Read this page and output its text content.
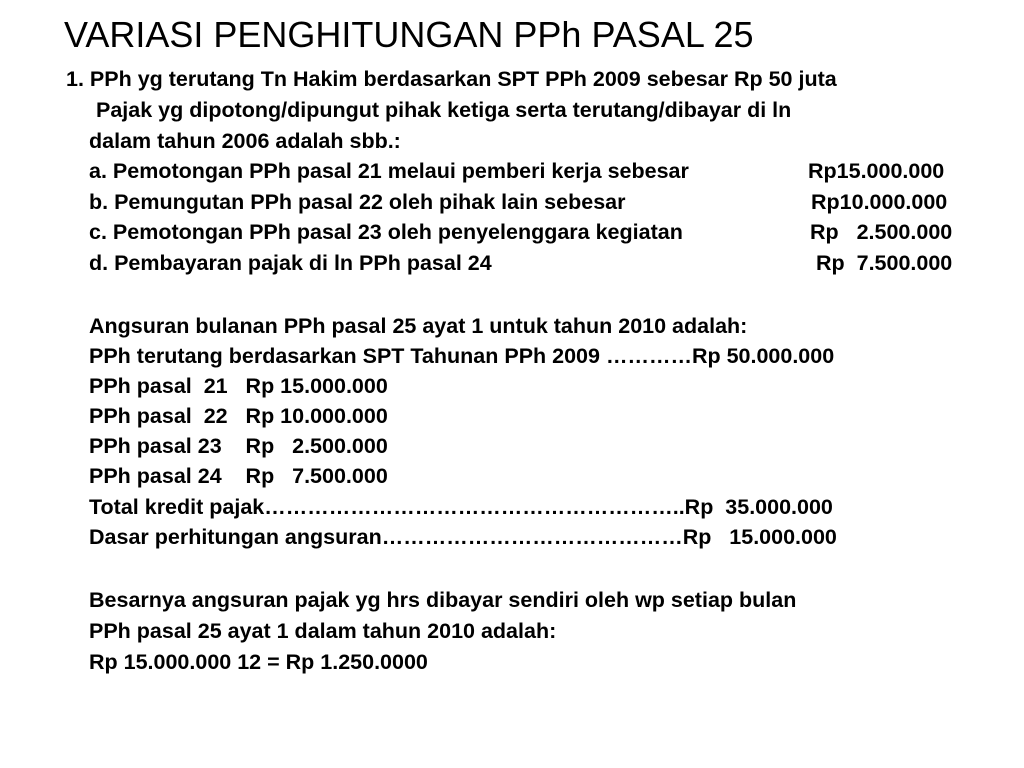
VARIASI PENGHITUNGAN PPh PASAL 25
1. PPh yg terutang Tn Hakim berdasarkan SPT PPh 2009 sebesar Rp 50 juta
Pajak yg dipotong/dipungut pihak ketiga serta terutang/dibayar di ln
dalam tahun 2006 adalah sbb.:
a. Pemotongan PPh pasal 21 melaui pemberi kerja sebesar	Rp15.000.000
b. Pemungutan PPh pasal 22 oleh pihak lain sebesar	Rp10.000.000
c. Pemotongan PPh pasal 23 oleh penyelenggara kegiatan	Rp   2.500.000
d. Pembayaran pajak di ln PPh pasal 24	Rp  7.500.000
Angsuran bulanan PPh pasal 25 ayat 1 untuk tahun 2010 adalah:
PPh terutang berdasarkan SPT Tahunan PPh 2009 …………Rp 50.000.000
PPh pasal  21   Rp 15.000.000
PPh pasal  22   Rp 10.000.000
PPh pasal 23    Rp   2.500.000
PPh pasal 24    Rp   7.500.000
Total kredit pajak…………………………………………………..Rp  35.000.000
Dasar perhitungan angsuran……………………………………Rp   15.000.000
Besarnya angsuran pajak yg hrs dibayar sendiri oleh wp setiap bulan
PPh pasal 25 ayat 1 dalam tahun 2010 adalah:
Rp 15.000.000 12 = Rp 1.250.0000
